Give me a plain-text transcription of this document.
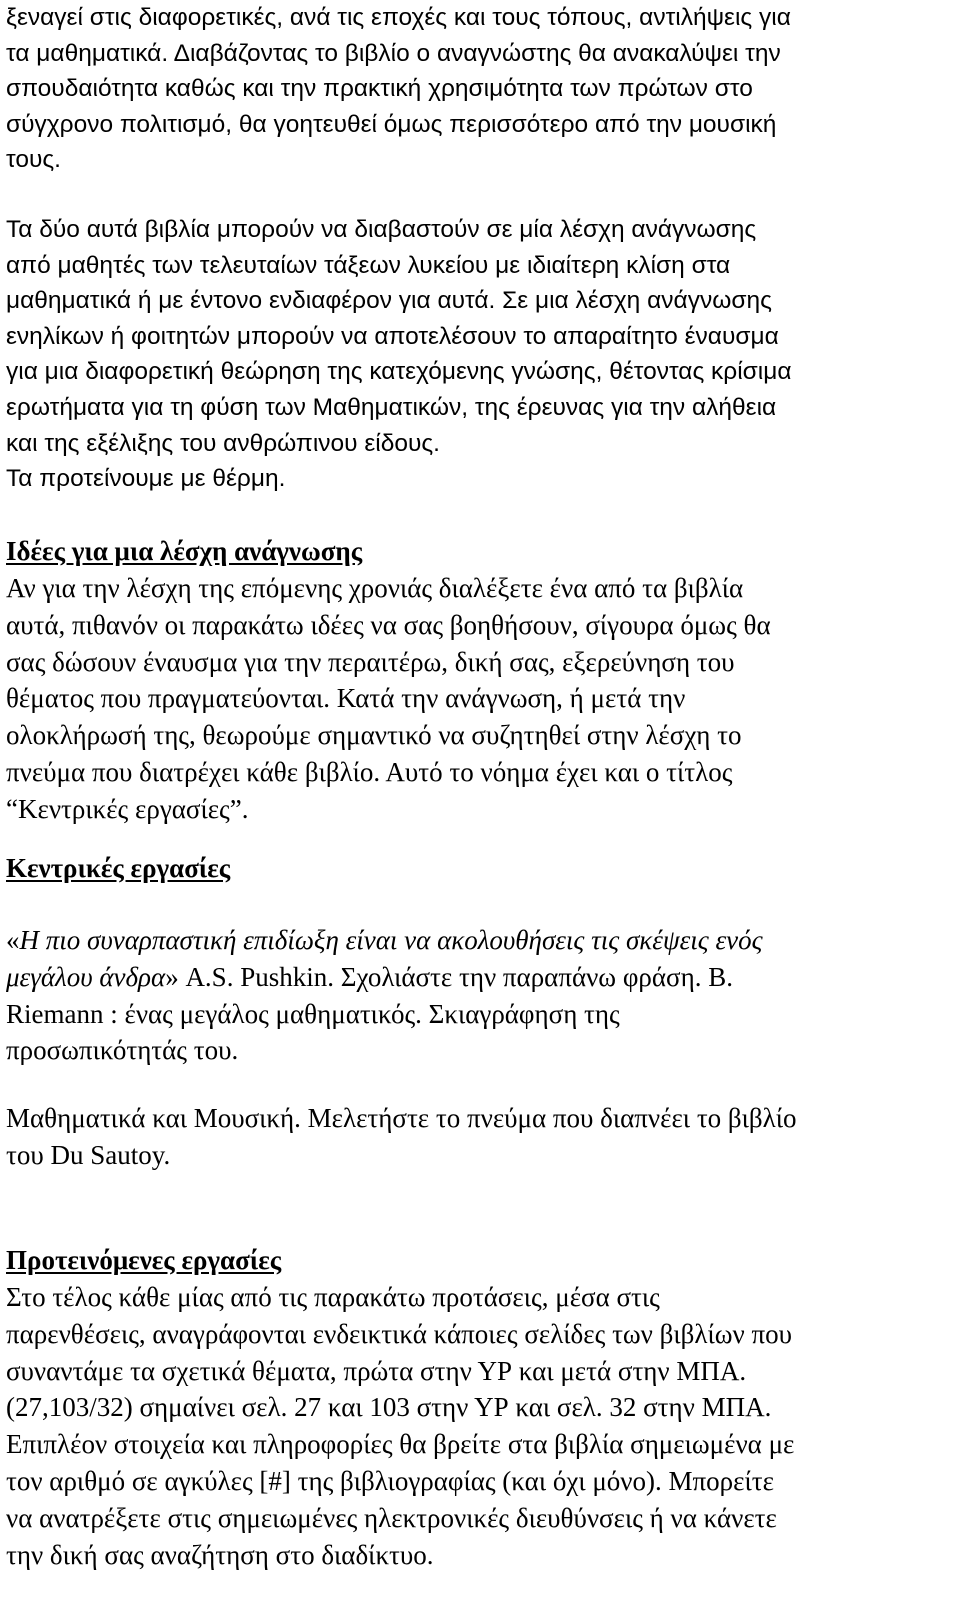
ξεναγεί στις διαφορετικές, ανά τις εποχές και τους τόπους, αντιλήψεις για
τα μαθηματικά. Διαβάζοντας το βιβλίο ο αναγνώστης θα ανακαλύψει την
σπουδαιότητα καθώς και την πρακτική χρησιμότητα των πρώτων στο
σύγχρονο πολιτισμό, θα γοητευθεί όμως περισσότερο από την μουσική
τους.
Τα δύο αυτά βιβλία μπορούν να διαβαστούν σε μία λέσχη ανάγνωσης
από μαθητές των τελευταίων τάξεων λυκείου με ιδιαίτερη κλίση στα
μαθηματικά ή με έντονο ενδιαφέρον για αυτά. Σε μια λέσχη ανάγνωσης
ενηλίκων ή φοιτητών μπορούν να αποτελέσουν το απαραίτητο έναυσμα
για μια διαφορετική θεώρηση της κατεχόμενης γνώσης, θέτοντας κρίσιμα
ερωτήματα για τη φύση των Μαθηματικών, της έρευνας για την αλήθεια
και της εξέλιξης του ανθρώπινου είδους.
Τα προτείνουμε με θέρμη.
Ιδέες για μια λέσχη ανάγνωσης
Αν για την λέσχη της επόμενης χρονιάς διαλέξετε ένα από τα βιβλία
αυτά, πιθανόν οι παρακάτω ιδέες να σας βοηθήσουν, σίγουρα όμως θα
σας δώσουν έναυσμα για την περαιτέρω, δική σας, εξερεύνηση του
θέματος που πραγματεύονται. Κατά την ανάγνωση, ή μετά την
ολοκλήρωσή της, θεωρούμε σημαντικό να συζητηθεί στην λέσχη το
πνεύμα που διατρέχει κάθε βιβλίο. Αυτό το νόημα έχει και ο τίτλος
“Κεντρικές εργασίες”.
Κεντρικές εργασίες
«Η πιο συναρπαστική επιδίωξη είναι να ακολουθήσεις τις σκέψεις ενός
μεγάλου άνδρα» A.S. Pushkin. Σχολιάστε την παραπάνω φράση. B.
Riemann : ένας μεγάλος μαθηματικός. Σκιαγράφηση της
προσωπικότητάς του.
Μαθηματικά και Μουσική. Μελετήστε το πνεύμα που διαπνέει το βιβλίο
του Du Sautoy.
Προτεινόμενες εργασίες
Στο τέλος κάθε μίας από τις παρακάτω προτάσεις, μέσα στις
παρενθέσεις, αναγράφονται ενδεικτικά κάποιες σελίδες των βιβλίων που
συναντάμε τα σχετικά θέματα, πρώτα στην ΥΡ και μετά στην ΜΠΑ.
(27,103/32) σημαίνει σελ. 27 και 103 στην ΥΡ και σελ. 32 στην ΜΠΑ.
Επιπλέον στοιχεία και πληροφορίες θα βρείτε στα βιβλία σημειωμένα με
τον αριθμό σε αγκύλες [#] της βιβλιογραφίας (και όχι μόνο). Μπορείτε
να ανατρέξετε στις σημειωμένες ηλεκτρονικές διευθύνσεις ή να κάνετε
την δική σας αναζήτηση στο διαδίκτυο.
